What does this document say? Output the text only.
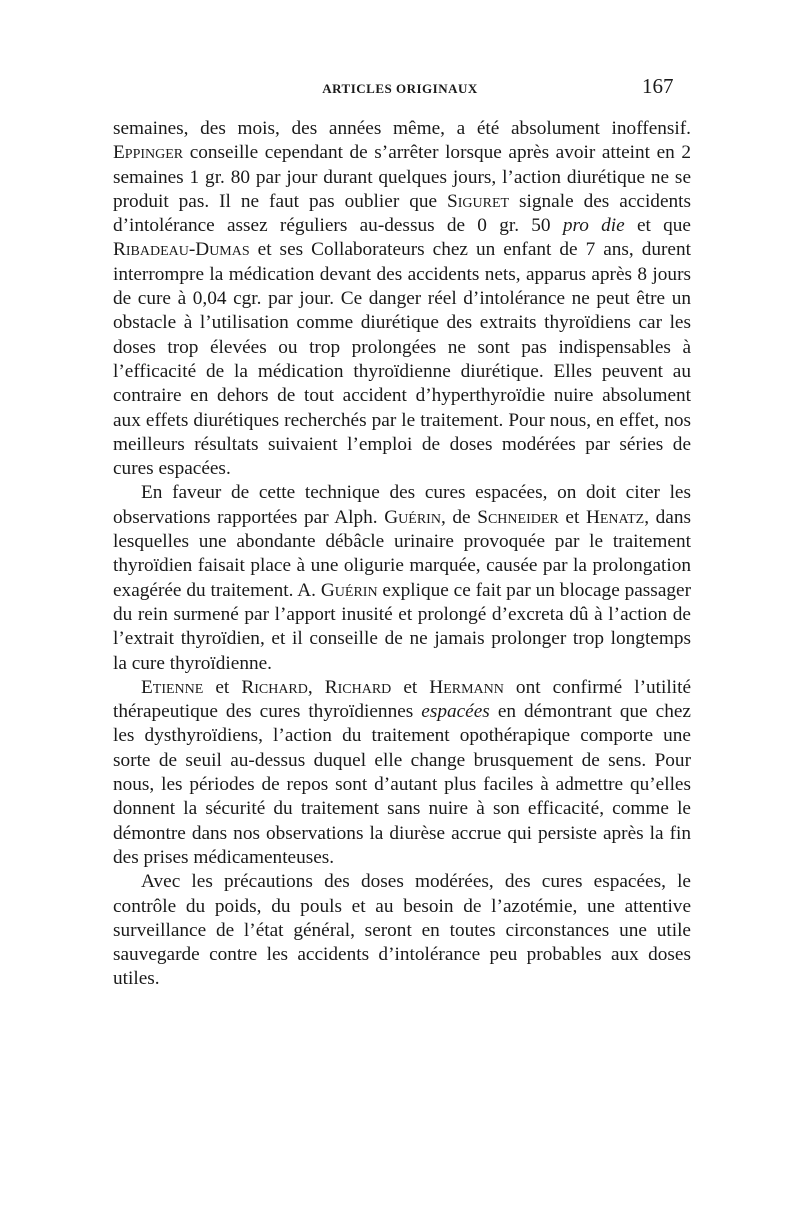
ARTICLES ORIGINAUX	167

semaines, des mois, des années même, a été absolument inoffensif. Eppinger conseille cependant de s’arrêter lorsque après avoir atteint en 2 semaines 1 gr. 80 par jour durant quelques jours, l’action diurétique ne se produit pas. Il ne faut pas oublier que Siguret signale des accidents d’intolérance assez réguliers au-dessus de 0 gr. 50 pro die et que Ribadeau-Dumas et ses Collaborateurs chez un enfant de 7 ans, durent interrompre la médication devant des accidents nets, apparus après 8 jours de cure à 0,04 cgr. par jour. Ce danger réel d’intolérance ne peut être un obstacle à l’utilisation comme diurétique des extraits thyroïdiens car les doses trop élevées ou trop prolongées ne sont pas indispensables à l’efficacité de la médication thyroïdienne diurétique. Elles peuvent au contraire en dehors de tout accident d’hyperthyroïdie nuire absolument aux effets diurétiques recherchés par le traitement. Pour nous, en effet, nos meilleurs résultats suivaient l’emploi de doses modérées par séries de cures espacées.

En faveur de cette technique des cures espacées, on doit citer les observations rapportées par Alph. Guérin, de Schneider et Henatz, dans lesquelles une abondante débâcle urinaire provoquée par le traitement thyroïdien faisait place à une oligurie marquée, causée par la prolongation exagérée du traitement. A. Guérin explique ce fait par un blocage passager du rein surmené par l’apport inusité et prolongé d’excreta dû à l’action de l’extrait thyroïdien, et il conseille de ne jamais prolonger trop longtemps la cure thyroïdienne.

Etienne et Richard, Richard et Hermann ont confirmé l’utilité thérapeutique des cures thyroïdiennes espacées en démontrant que chez les dysthyroïdiens, l’action du traitement opothérapique comporte une sorte de seuil au-dessus duquel elle change brusquement de sens. Pour nous, les périodes de repos sont d’autant plus faciles à admettre qu’elles donnent la sécurité du traitement sans nuire à son efficacité, comme le démontre dans nos observations la diurèse accrue qui persiste après la fin des prises médicamenteuses.

Avec les précautions des doses modérées, des cures espacées, le contrôle du poids, du pouls et au besoin de l’azotémie, une attentive surveillance de l’état général, seront en toutes circonstances une utile sauvegarde contre les accidents d’intolérance peu probables aux doses utiles.
